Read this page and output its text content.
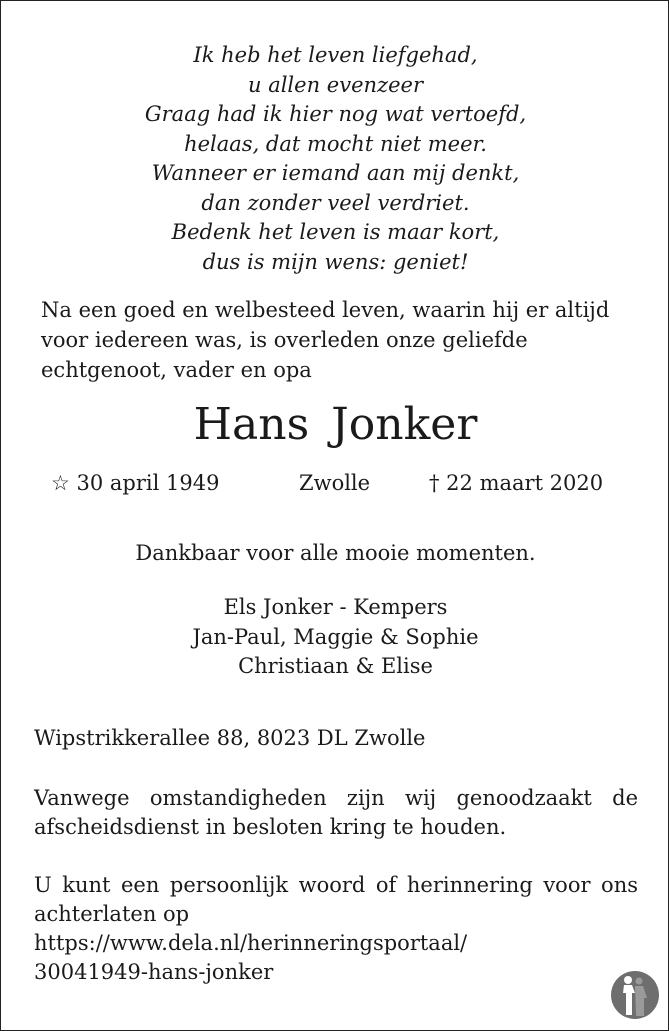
Ik heb het leven liefgehad,
u allen evenzeer
Graag had ik hier nog wat vertoefd,
helaas, dat mocht niet meer.
Wanneer er iemand aan mij denkt,
dan zonder veel verdriet.
Bedenk het leven is maar kort,
dus is mijn wens: geniet!
Na een goed en welbesteed leven, waarin hij er altijd voor iedereen was, is overleden onze geliefde echtgenoot, vader en opa
Hans Jonker
☆ 30 april 1949	Zwolle	† 22 maart 2020
Dankbaar voor alle mooie momenten.
Els Jonker - Kempers
Jan-Paul, Maggie & Sophie
Christiaan & Elise
Wipstrikkerallee 88, 8023 DL Zwolle
Vanwege omstandigheden zijn wij genoodzaakt de afscheidsdienst in besloten kring te houden.
U kunt een persoonlijk woord of herinnering voor ons achterlaten op
https://www.dela.nl/herinneringsportaal/
30041949-hans-jonker
